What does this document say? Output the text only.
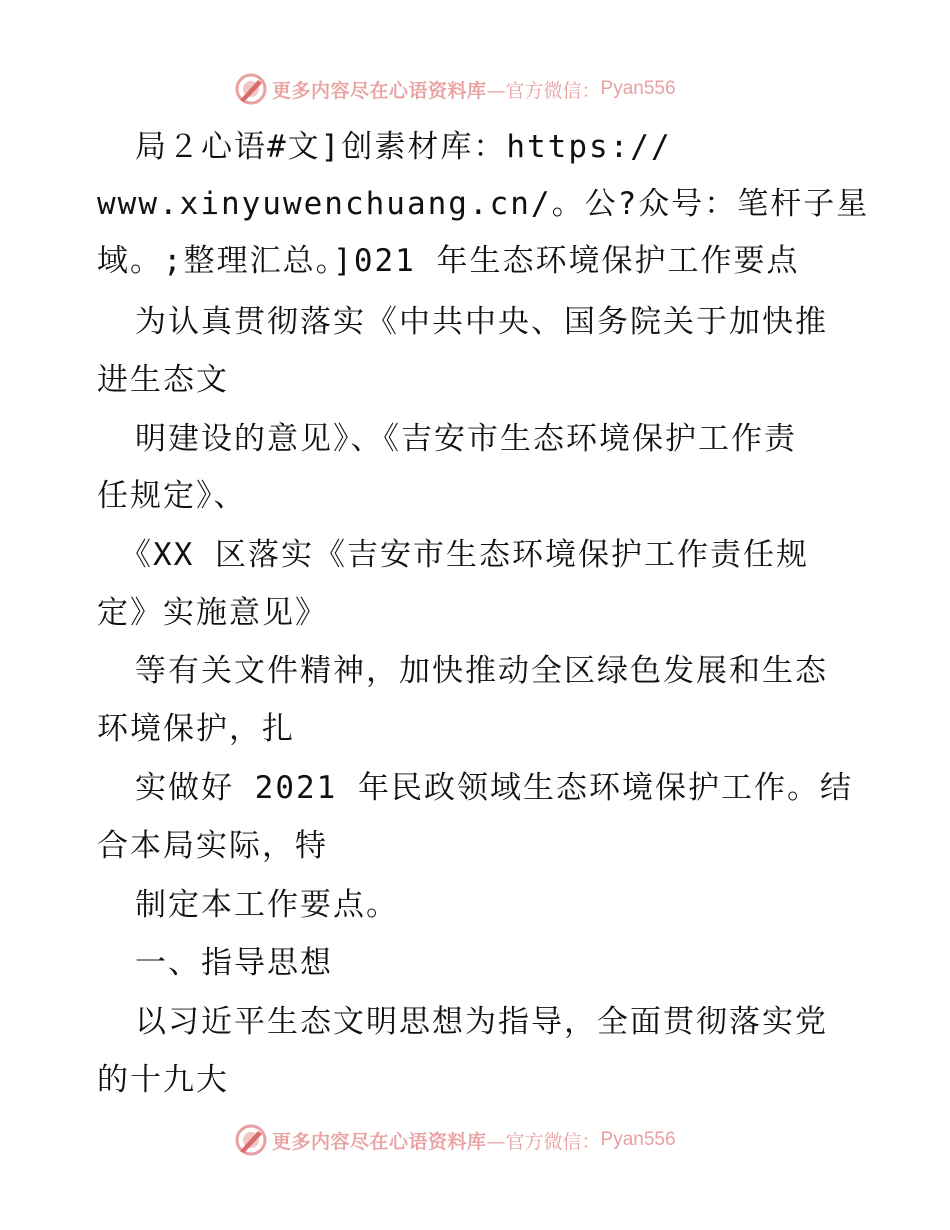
更多内容尽在心语资料库 —官方微信： Pyan556
局２心语#文]创素材库：https://
www.xinyuwenchuang.cn/。公?众号：笔杆子星
域。;整理汇总。]021 年生态环境保护工作要点
为认真贯彻落实《中共中央、国务院关于加快推
进生态文
明建设的意见》、《吉安市生态环境保护工作责
任规定》、
《XX 区落实《吉安市生态环境保护工作责任规
定》实施意见》
等有关文件精神，加快推动全区绿色发展和生态
环境保护，扎
实做好 2021 年民政领域生态环境保护工作。结
合本局实际，特
制定本工作要点。
一、指导思想
以习近平生态文明思想为指导，全面贯彻落实党
的十九大
更多内容尽在心语资料库 —官方微信： Pyan556
